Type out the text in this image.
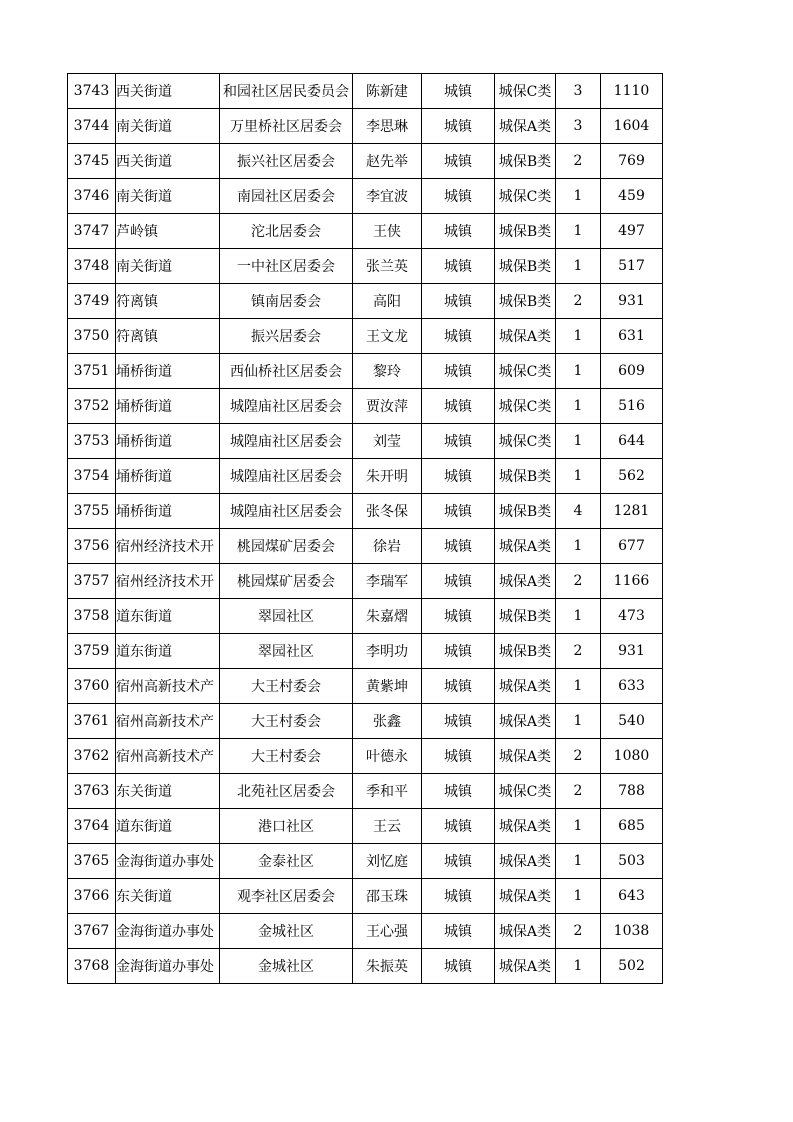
3743	西关街道	和园社区居民委员会	陈新建	城镇	城保C类	3	1110
3744	南关街道	万里桥社区居委会	李思琳	城镇	城保A类	3	1604
3745	西关街道	振兴社区居委会	赵先举	城镇	城保B类	2	769
3746	南关街道	南园社区居委会	李宜波	城镇	城保C类	1	459
3747	芦岭镇	沱北居委会	王侠	城镇	城保B类	1	497
3748	南关街道	一中社区居委会	张兰英	城镇	城保B类	1	517
3749	符离镇	镇南居委会	高阳	城镇	城保B类	2	931
3750	符离镇	振兴居委会	王文龙	城镇	城保A类	1	631
3751	埇桥街道	西仙桥社区居委会	黎玲	城镇	城保C类	1	609
3752	埇桥街道	城隍庙社区居委会	贾汝萍	城镇	城保C类	1	516
3753	埇桥街道	城隍庙社区居委会	刘莹	城镇	城保C类	1	644
3754	埇桥街道	城隍庙社区居委会	朱开明	城镇	城保B类	1	562
3755	埇桥街道	城隍庙社区居委会	张冬保	城镇	城保B类	4	1281
3756	宿州经济技术开	桃园煤矿居委会	徐岩	城镇	城保A类	1	677
3757	宿州经济技术开	桃园煤矿居委会	李瑞军	城镇	城保A类	2	1166
3758	道东街道	翠园社区	朱嘉熠	城镇	城保B类	1	473
3759	道东街道	翠园社区	李明功	城镇	城保B类	2	931
3760	宿州高新技术产	大王村委会	黄紫坤	城镇	城保A类	1	633
3761	宿州高新技术产	大王村委会	张鑫	城镇	城保A类	1	540
3762	宿州高新技术产	大王村委会	叶德永	城镇	城保A类	2	1080
3763	东关街道	北苑社区居委会	季和平	城镇	城保C类	2	788
3764	道东街道	港口社区	王云	城镇	城保A类	1	685
3765	金海街道办事处	金泰社区	刘忆庭	城镇	城保A类	1	503
3766	东关街道	观李社区居委会	邵玉珠	城镇	城保A类	1	643
3767	金海街道办事处	金城社区	王心强	城镇	城保A类	2	1038
3768	金海街道办事处	金城社区	朱振英	城镇	城保A类	1	502
